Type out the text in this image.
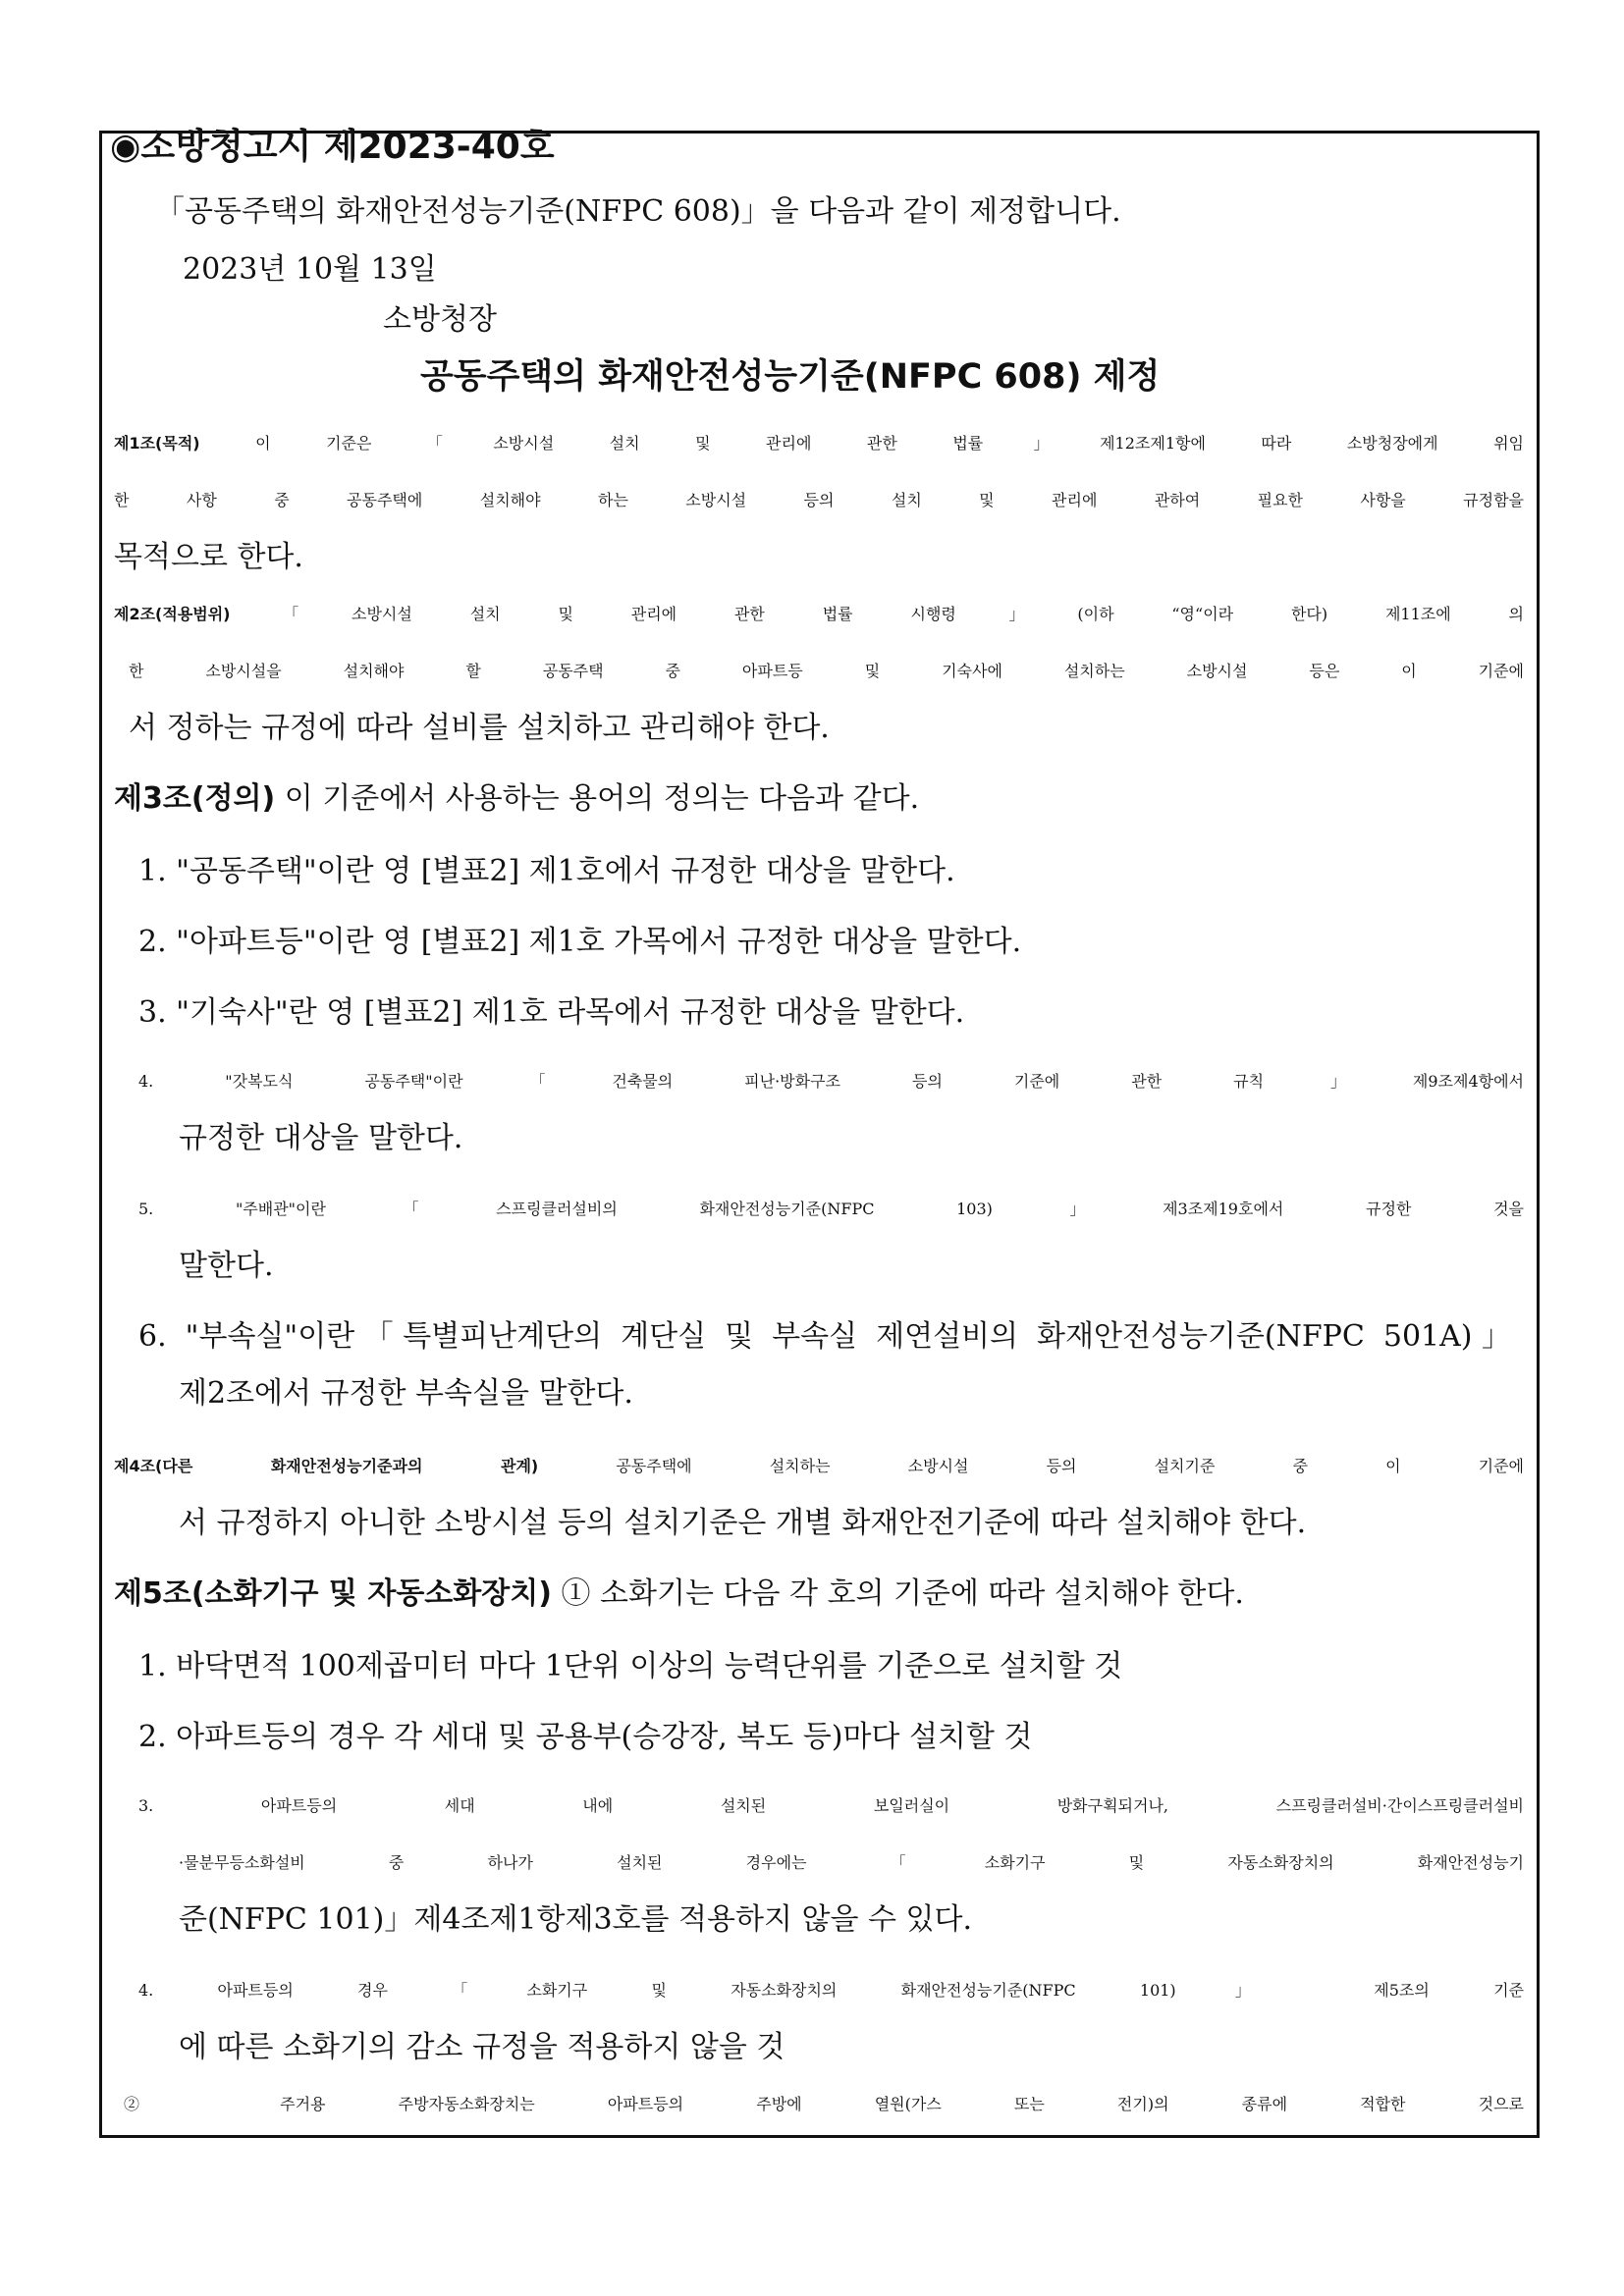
◉소방청고시 제2023-40호
「공동주택의 화재안전성능기준(NFPC 608)」을 다음과 같이 제정합니다.
2023년 10월 13일
소방청장
공동주택의 화재안전성능기준(NFPC 608) 제정
제1조(목적) 이 기준은 「소방시설 설치 및 관리에 관한 법률」제12조제1항에 따라 소방청장에게 위임
한 사항 중 공동주택에 설치해야 하는 소방시설 등의 설치 및 관리에 관하여 필요한 사항을 규정함을
목적으로 한다.
제2조(적용범위)「소방시설 설치 및 관리에 관한 법률 시행령」(이하 “영“이라 한다) 제11조에 의
한 소방시설을 설치해야 할 공동주택 중 아파트등 및 기숙사에 설치하는 소방시설 등은 이 기준에
서 정하는 규정에 따라 설비를 설치하고 관리해야 한다.
제3조(정의) 이 기준에서 사용하는 용어의 정의는 다음과 같다.
1. "공동주택"이란 영 [별표2] 제1호에서 규정한 대상을 말한다.
2. "아파트등"이란 영 [별표2] 제1호 가목에서 규정한 대상을 말한다.
3. "기숙사"란 영 [별표2] 제1호 라목에서 규정한 대상을 말한다.
4. "갓복도식 공동주택"이란「건축물의 피난·방화구조 등의 기준에 관한 규칙」제9조제4항에서
규정한 대상을 말한다.
5. "주배관"이란「스프링클러설비의 화재안전성능기준(NFPC 103)」제3조제19호에서 규정한 것을
말한다.
6. "부속실"이란「특별피난계단의 계단실 및 부속실 제연설비의 화재안전성능기준(NFPC 501A)」
제2조에서 규정한 부속실을 말한다.
제4조(다른 화재안전성능기준과의 관계) 공동주택에 설치하는 소방시설 등의 설치기준 중 이 기준에
서 규정하지 아니한 소방시설 등의 설치기준은 개별 화재안전기준에 따라 설치해야 한다.
제5조(소화기구 및 자동소화장치) ① 소화기는 다음 각 호의 기준에 따라 설치해야 한다.
1. 바닥면적 100제곱미터 마다 1단위 이상의 능력단위를 기준으로 설치할 것
2. 아파트등의 경우 각 세대 및 공용부(승강장, 복도 등)마다 설치할 것
3. 아파트등의 세대 내에 설치된 보일러실이 방화구획되거나, 스프링클러설비·간이스프링클러설비
·물분무등소화설비 중 하나가 설치된 경우에는 「소화기구 및 자동소화장치의 화재안전성능기
준(NFPC 101)」제4조제1항제3호를 적용하지 않을 수 있다.
4. 아파트등의 경우 「소화기구 및 자동소화장치의 화재안전성능기준(NFPC 101)」 제5조의 기준
에 따른 소화기의 감소 규정을 적용하지 않을 것
② 주거용 주방자동소화장치는 아파트등의 주방에 열원(가스 또는 전기)의 종류에 적합한 것으로
